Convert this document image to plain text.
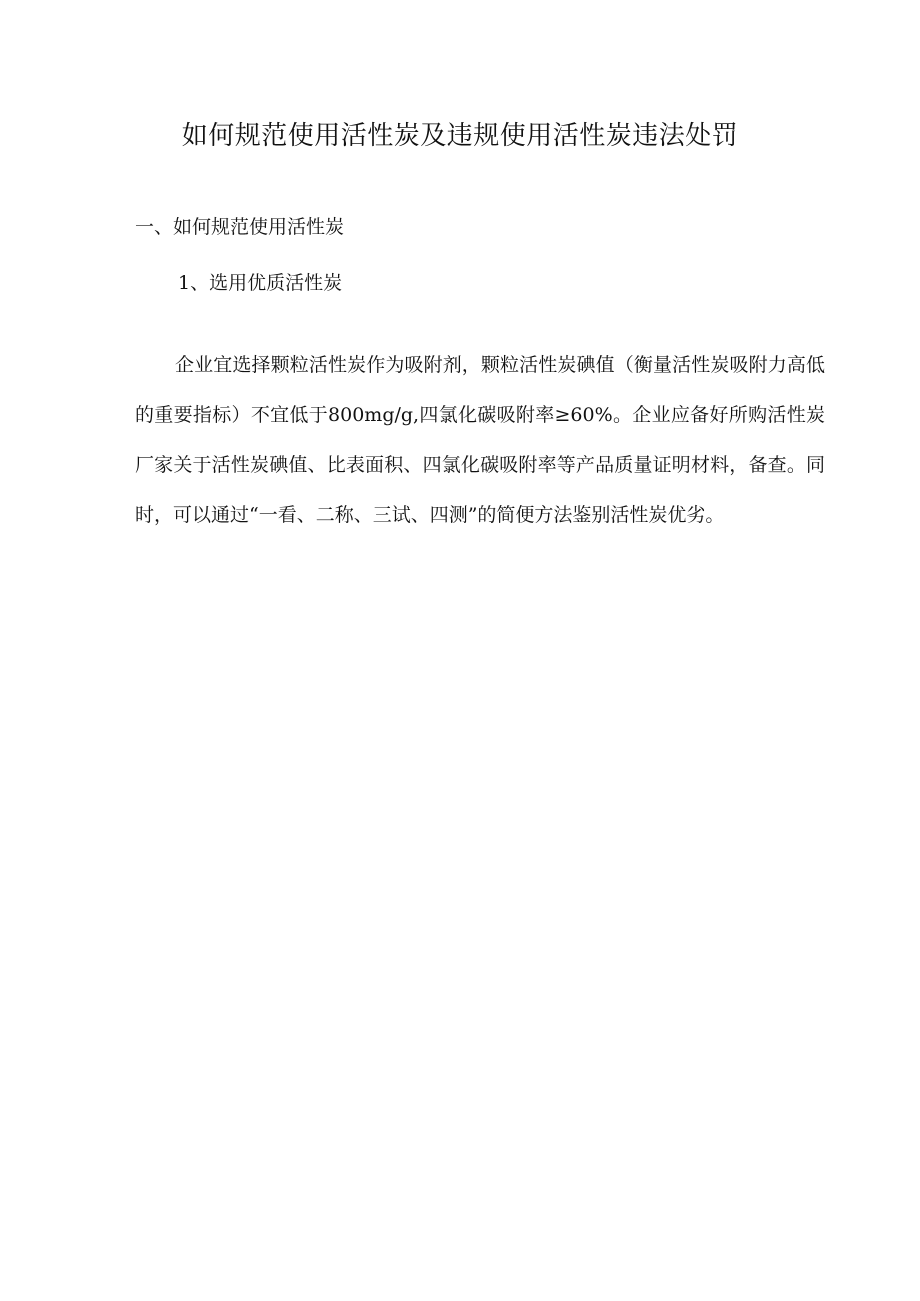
如何规范使用活性炭及违规使用活性炭违法处罚
一、如何规范使用活性炭
1、选用优质活性炭

企业宜选择颗粒活性炭作为吸附剂，颗粒活性炭碘值（衡量活性炭吸附力高低的重要指标）不宜低于800mg∕g,四氯化碳吸附率≥60%。企业应备好所购活性炭厂家关于活性炭碘值、比表面积、四氯化碳吸附率等产品质量证明材料，备查。同时，可以通过“一看、二称、三试、四测”的简便方法鉴别活性炭优劣。
